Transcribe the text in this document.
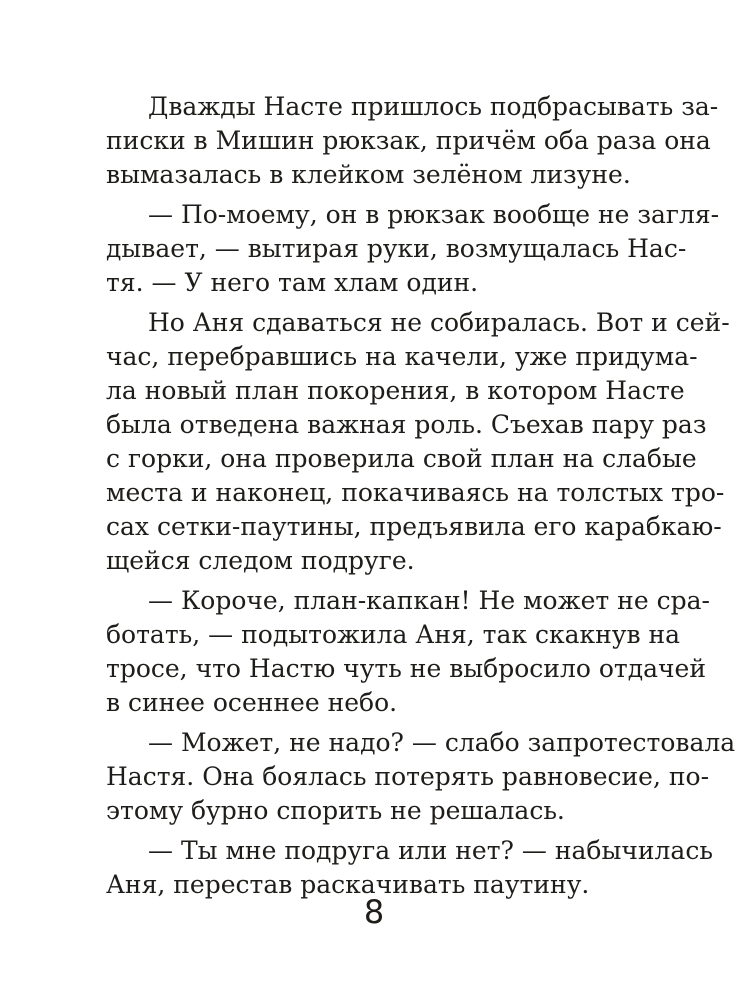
Дважды Насте пришлось подбрасывать за-
писки в Мишин рюкзак, причём оба раза она
вымазалась в клейком зелёном лизуне.

— По-моему, он в рюкзак вообще не загля-
дывает, — вытирая руки, возмущалась Нас-
тя. — У него там хлам один.

Но Аня сдаваться не собиралась. Вот и сей-
час, перебравшись на качели, уже придума-
ла новый план покорения, в котором Насте
была отведена важная роль. Съехав пару раз
с горки, она проверила свой план на слабые
места и наконец, покачиваясь на толстых тро-
сах сетки-паутины, предъявила его карабкаю-
щейся следом подруге.

— Короче, план-капкан! Не может не сра-
ботать, — подытожила Аня, так скакнув на
тросе, что Настю чуть не выбросило отдачей
в синее осеннее небо.

— Может, не надо? — слабо запротестовала
Настя. Она боялась потерять равновесие, по-
этому бурно спорить не решалась.

— Ты мне подруга или нет? — набычилась
Аня, перестав раскачивать паутину.

8
